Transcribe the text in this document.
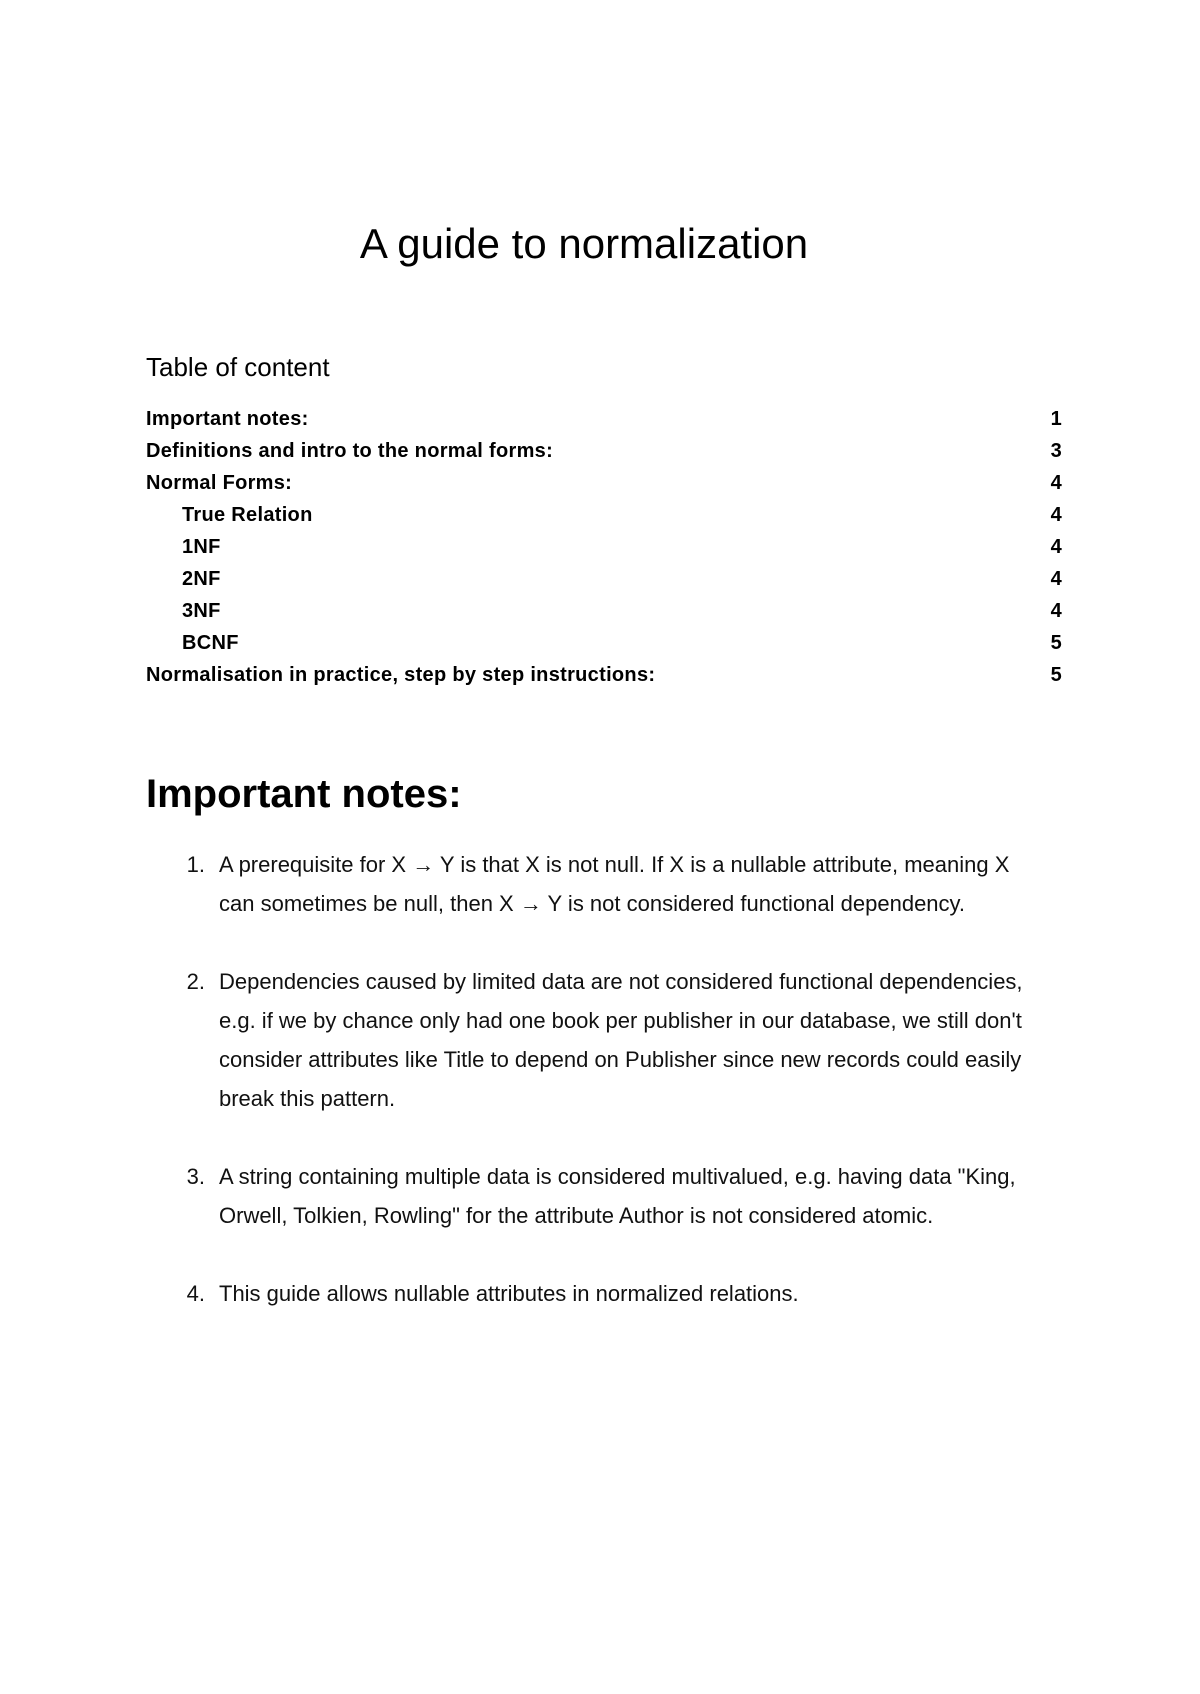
A guide to normalization
Table of content
Important notes:	1
Definitions and intro to the normal forms:	3
Normal Forms:	4
True Relation	4
1NF	4
2NF	4
3NF	4
BCNF	5
Normalisation in practice, step by step instructions:	5
Important notes:
1. A prerequisite for X → Y is that X is not null. If X is a nullable attribute, meaning X can sometimes be null, then X → Y is not considered functional dependency.
2. Dependencies caused by limited data are not considered functional dependencies, e.g. if we by chance only had one book per publisher in our database, we still don't consider attributes like Title to depend on Publisher since new records could easily break this pattern.
3. A string containing multiple data is considered multivalued, e.g. having data "King, Orwell, Tolkien, Rowling" for the attribute Author is not considered atomic.
4. This guide allows nullable attributes in normalized relations.
